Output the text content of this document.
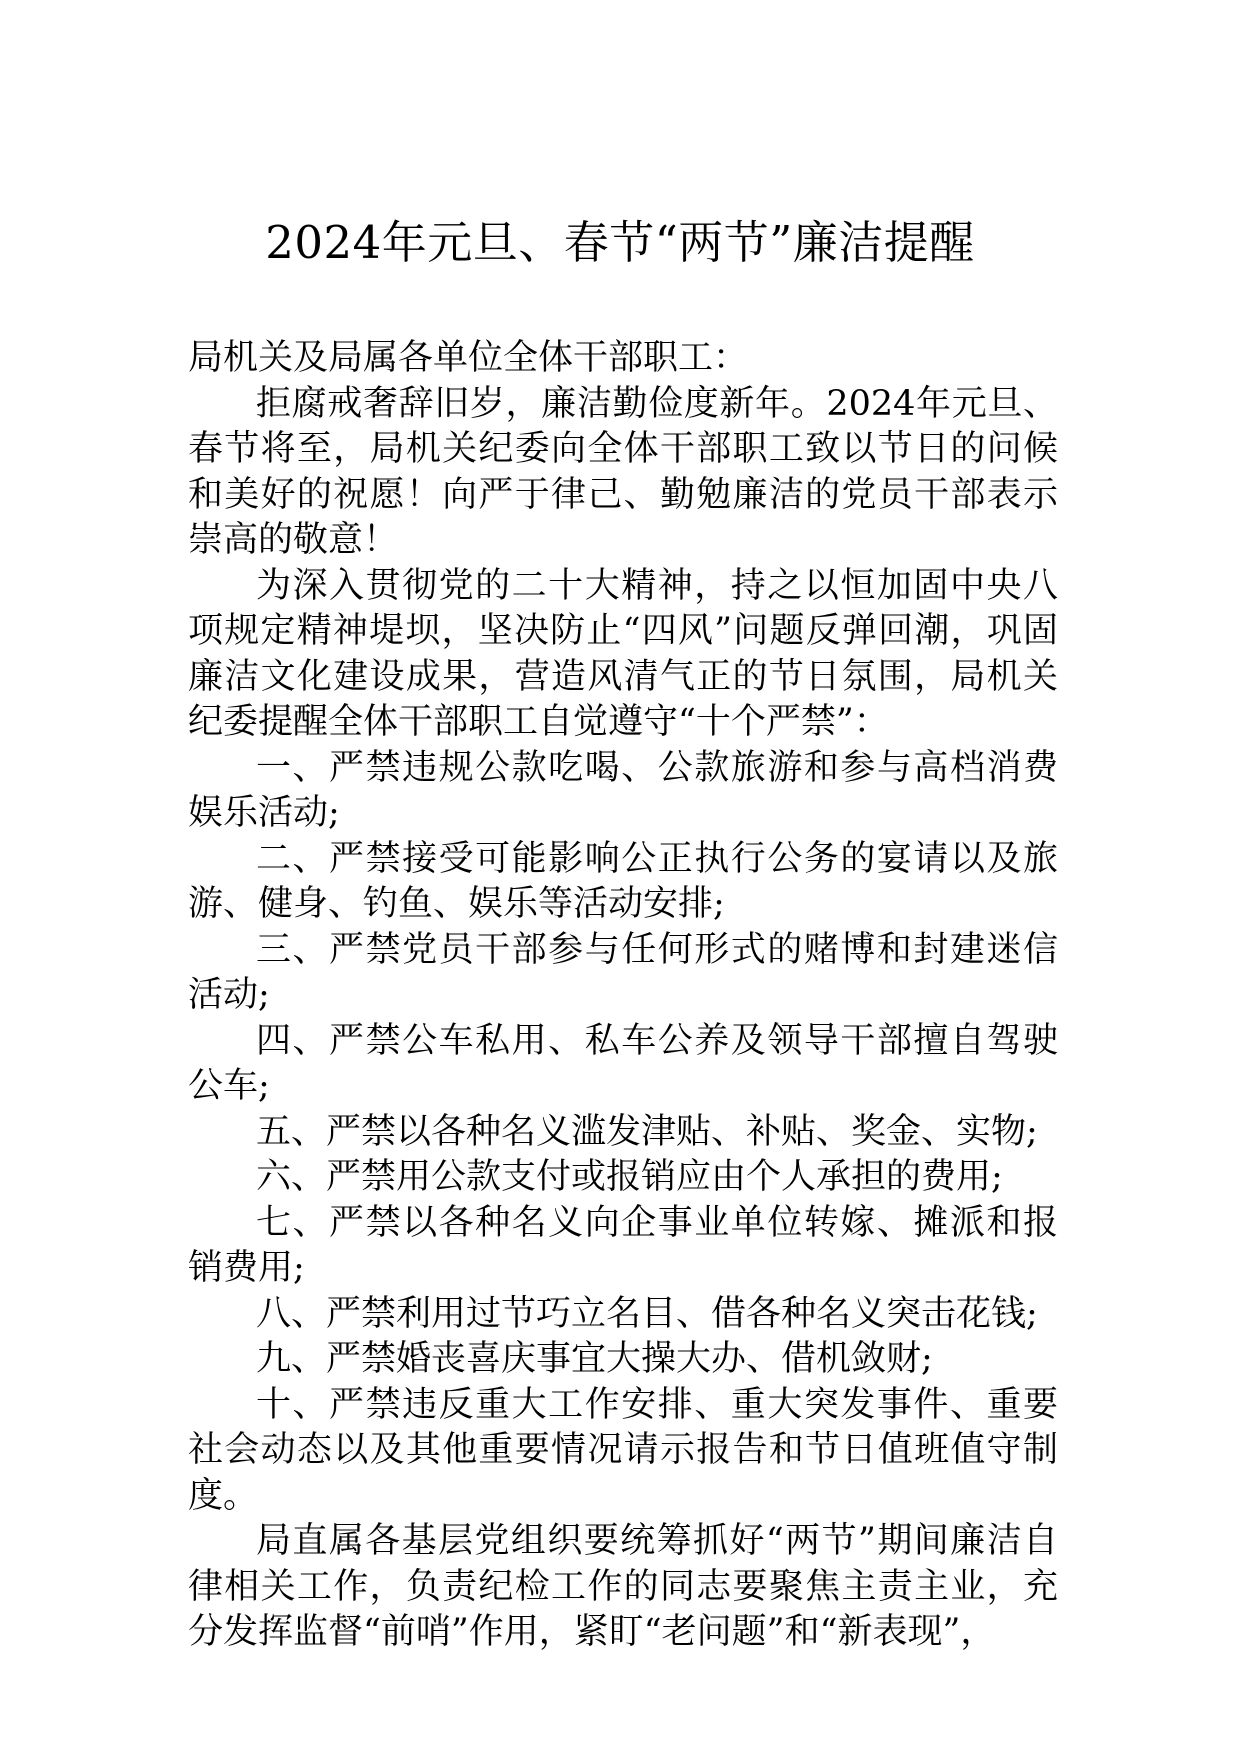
2024年元旦、春节“两节”廉洁提醒

局机关及局属各单位全体干部职工：

拒腐戒奢辞旧岁，廉洁勤俭度新年。2024年元旦、春节将至，局机关纪委向全体干部职工致以节日的问候和美好的祝愿！向严于律己、勤勉廉洁的党员干部表示崇高的敬意！

为深入贯彻党的二十大精神，持之以恒加固中央八项规定精神堤坝，坚决防止“四风”问题反弹回潮，巩固廉洁文化建设成果，营造风清气正的节日氛围，局机关纪委提醒全体干部职工自觉遵守“十个严禁”：

一、严禁违规公款吃喝、公款旅游和参与高档消费娱乐活动;

二、严禁接受可能影响公正执行公务的宴请以及旅游、健身、钓鱼、娱乐等活动安排;

三、严禁党员干部参与任何形式的赌博和封建迷信活动;

四、严禁公车私用、私车公养及领导干部擅自驾驶公车;

五、严禁以各种名义滥发津贴、补贴、奖金、实物;

六、严禁用公款支付或报销应由个人承担的费用;

七、严禁以各种名义向企事业单位转嫁、摊派和报销费用;

八、严禁利用过节巧立名目、借各种名义突击花钱;

九、严禁婚丧喜庆事宜大操大办、借机敛财;

十、严禁违反重大工作安排、重大突发事件、重要社会动态以及其他重要情况请示报告和节日值班值守制度。

局直属各基层党组织要统筹抓好“两节”期间廉洁自律相关工作，负责纪检工作的同志要聚焦主责主业，充分发挥监督“前哨”作用，紧盯“老问题”和“新表现”，
